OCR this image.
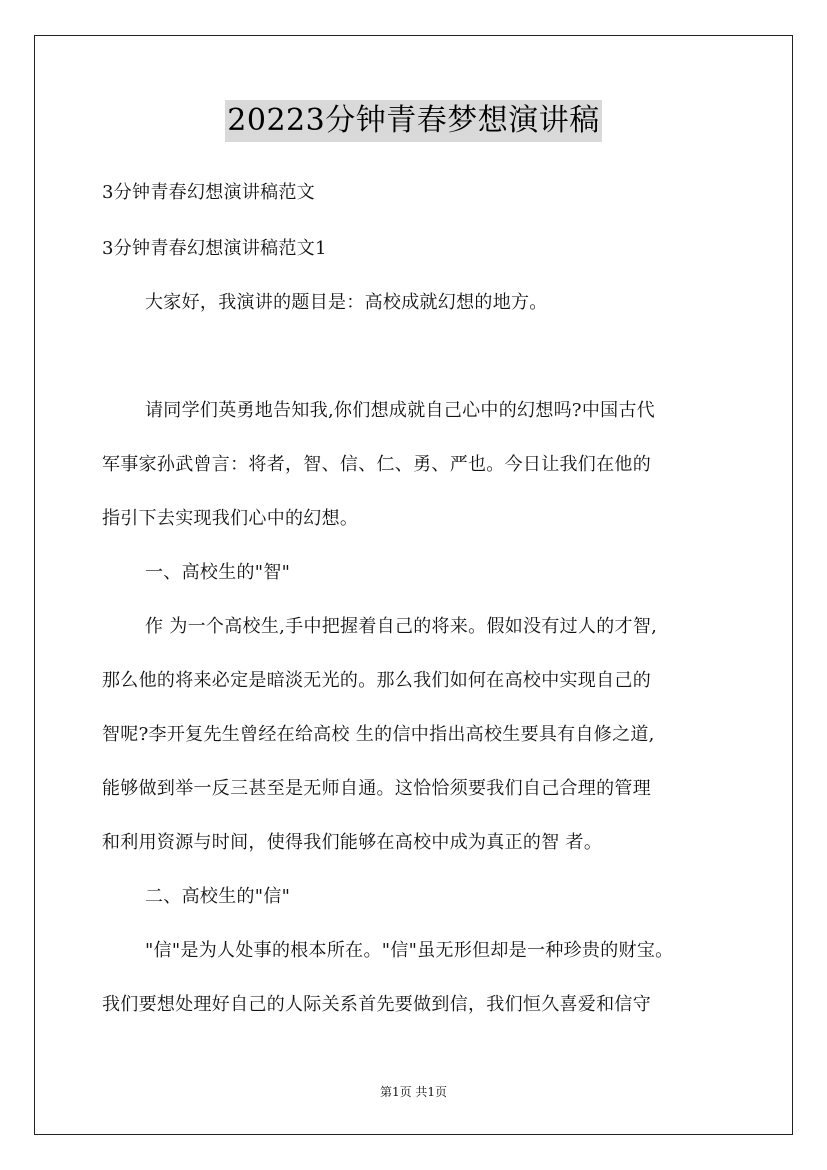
20223分钟青春梦想演讲稿
3分钟青春幻想演讲稿范文
3分钟青春幻想演讲稿范文1
大家好，我演讲的题目是：高校成就幻想的地方。
请同学们英勇地告知我,你们想成就自己心中的幻想吗?中国古代
军事家孙武曾言：将者，智、信、仁、勇、严也。今日让我们在他的
指引下去实现我们心中的幻想。
一、高校生的"智"
作 为一个高校生,手中把握着自己的将来。假如没有过人的才智,
那么他的将来必定是暗淡无光的。那么我们如何在高校中实现自己的
智呢?李开复先生曾经在给高校 生的信中指出高校生要具有自修之道,
能够做到举一反三甚至是无师自通。这恰恰须要我们自己合理的管理
和利用资源与时间，使得我们能够在高校中成为真正的智 者。
二、高校生的"信"
"信"是为人处事的根本所在。"信"虽无形但却是一种珍贵的财宝。
我们要想处理好自己的人际关系首先要做到信，我们恒久喜爱和信守
第1页 共1页
